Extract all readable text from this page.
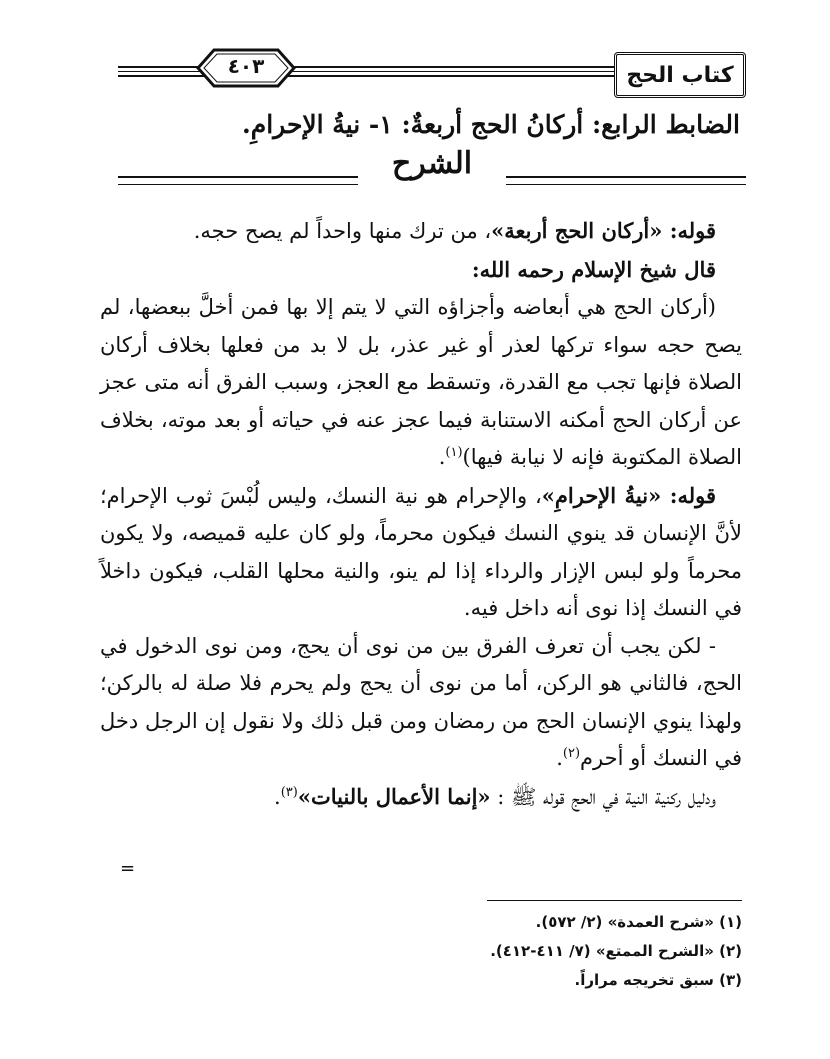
٤٠٣	كتاب الحج
الضابط الرابع: أركانُ الحج أربعةٌ: ١- نيةُ الإحرامِ.
الشرح

قوله: «أركان الحج أربعة»، من ترك منها واحداً لم يصح حجه.

قال شيخ الإسلام رحمه الله:

(أركان الحج هي أبعاضه وأجزاؤه التي لا يتم إلا بها فمن أخلَّ ببعضها، لم يصح حجه سواء تركها لعذر أو غير عذر، بل لا بد من فعلها بخلاف أركان الصلاة فإنها تجب مع القدرة، وتسقط مع العجز، وسبب الفرق أنه متى عجز عن أركان الحج أمكنه الاستنابة فيما عجز عنه في حياته أو بعد موته، بخلاف الصلاة المكتوبة فإنه لا نيابة فيها)$^{(١)}$.

قوله: «نيةُ الإحرامِ»، والإحرام هو نية النسك، وليس لُبْسَ ثوب الإحرام؛ لأنَّ الإنسان قد ينوي النسك فيكون محرماً، ولو كان عليه قميصه، ولا يكون محرماً ولو لبس الإزار والرداء إذا لم ينو، والنية محلها القلب، فيكون داخلاً في النسك إذا نوى أنه داخل فيه.

- لكن يجب أن تعرف الفرق بين من نوى أن يحج، ومن نوى الدخول في الحج، فالثاني هو الركن، أما من نوى أن يحج ولم يحرم فلا صلة له بالركن؛ ولهذا ينوي الإنسان الحج من رمضان ومن قبل ذلك ولا نقول إن الرجل دخل في النسك أو أحرم$^{(٢)}$.

ودليل ركنية النية في الحج قوله ﷺ : «إنما الأعمال بالنيات»$^{(٣)}$.

=
(١) «شرح العمدة» (٢/ ٥٧٢).
(٢) «الشرح الممتع» (٧/ ٤١١-٤١٢).
(٣) سبق تخريجه مراراً.
